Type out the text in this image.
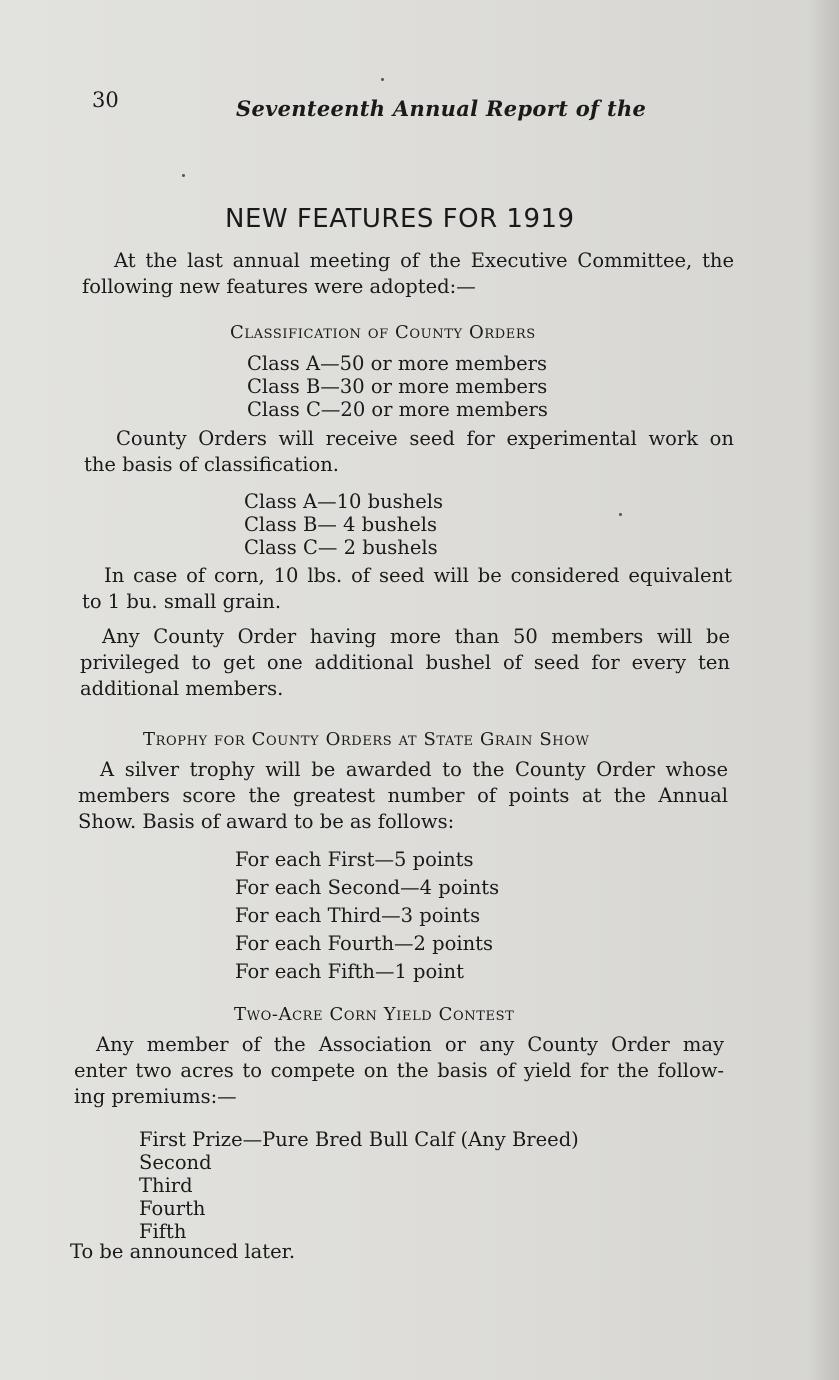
30	Seventeenth Annual Report of the
NEW FEATURES FOR 1919
At the last annual meeting of the Executive Committee, the
following new features were adopted:—
Classification of County Orders
Class A—50 or more members
Class B—30 or more members
Class C—20 or more members
County Orders will receive seed for experimental work on
the basis of classification.
Class A—10 bushels
Class B— 4 bushels
Class C— 2 bushels
In case of corn, 10 lbs. of seed will be considered equivalent
to 1 bu. small grain.
Any County Order having more than 50 members will be
privileged to get one additional bushel of seed for every ten
additional members.
Trophy for County Orders at State Grain Show
A silver trophy will be awarded to the County Order whose
members score the greatest number of points at the Annual
Show. Basis of award to be as follows:
For each First—5 points
For each Second—4 points
For each Third—3 points
For each Fourth—2 points
For each Fifth—1 point
Two-Acre Corn Yield Contest
Any member of the Association or any County Order may
enter two acres to compete on the basis of yield for the follow-
ing premiums:—
First Prize—Pure Bred Bull Calf (Any Breed)
Second
Third
Fourth
Fifth
To be announced later.
